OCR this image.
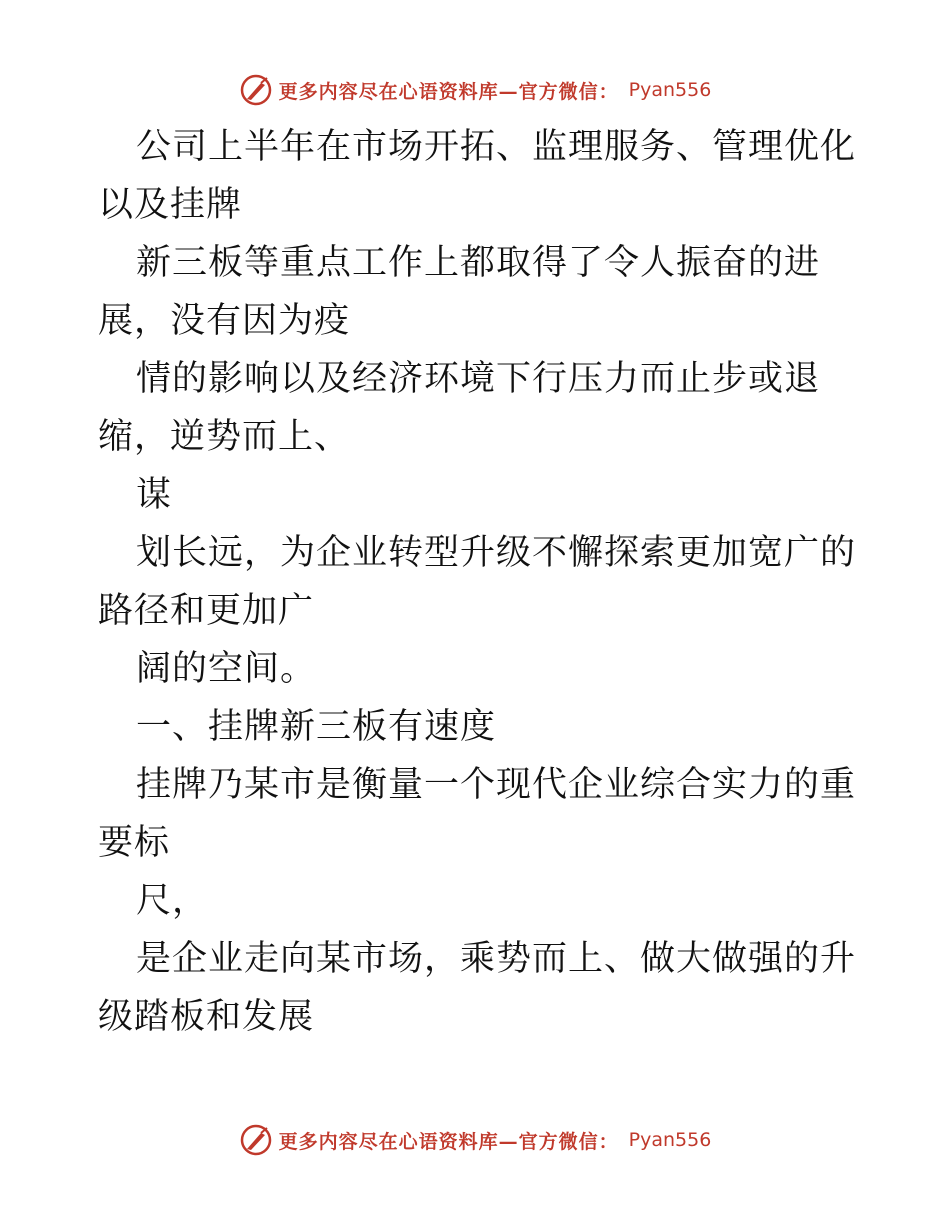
更多内容尽在心语资料库—官方微信： Pyan556

公司上半年在市场开拓、监理服务、管理优化以及挂牌

新三板等重点工作上都取得了令人振奋的进展，没有因为疫

情的影响以及经济环境下行压力而止步或退缩，逆势而上、

谋

划长远，为企业转型升级不懈探索更加宽广的路径和更加广

阔的空间。

一、挂牌新三板有速度

挂牌乃某市是衡量一个现代企业综合实力的重要标

尺，

是企业走向某市场，乘势而上、做大做强的升级踏板和发展

更多内容尽在心语资料库—官方微信： Pyan556
